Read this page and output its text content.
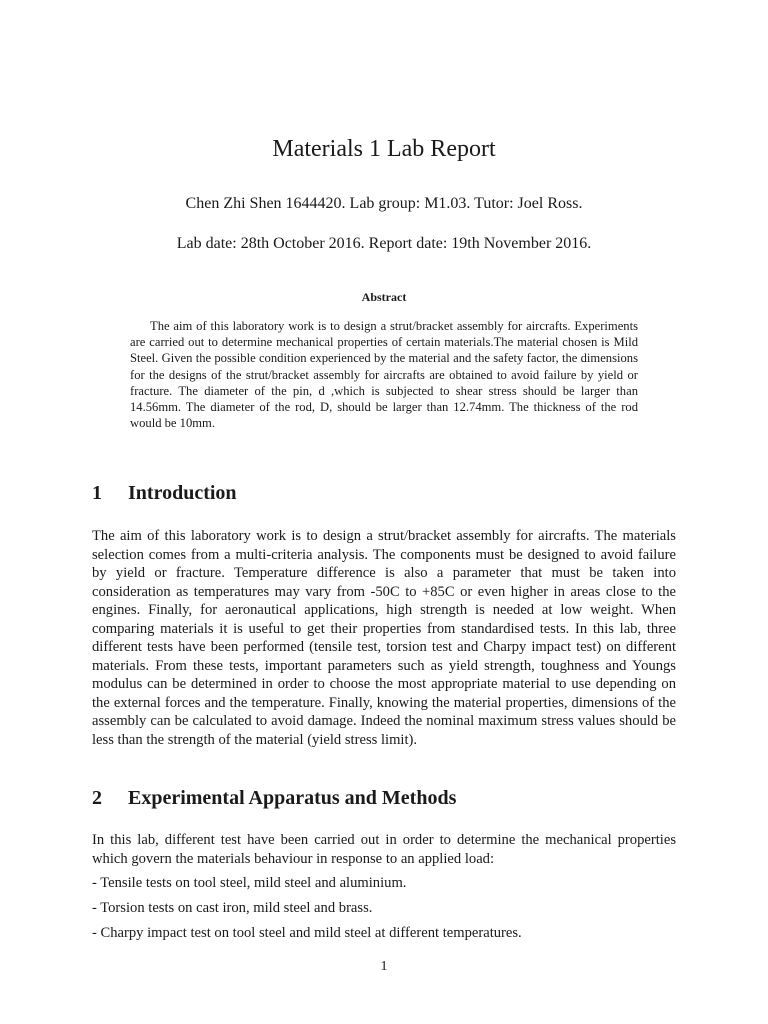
Materials 1 Lab Report
Chen Zhi Shen 1644420. Lab group: M1.03. Tutor: Joel Ross.
Lab date: 28th October 2016. Report date: 19th November 2016.
Abstract
The aim of this laboratory work is to design a strut/bracket assembly for aircrafts. Experiments are carried out to determine mechanical properties of certain materials.The material chosen is Mild Steel. Given the possible condition experienced by the material and the safety factor, the dimensions for the designs of the strut/bracket assembly for aircrafts are obtained to avoid failure by yield or fracture. The diameter of the pin, d ,which is subjected to shear stress should be larger than 14.56mm. The diameter of the rod, D, should be larger than 12.74mm. The thickness of the rod would be 10mm.
1 Introduction
The aim of this laboratory work is to design a strut/bracket assembly for aircrafts. The materials selection comes from a multi-criteria analysis. The components must be designed to avoid failure by yield or fracture. Temperature difference is also a parameter that must be taken into consideration as temperatures may vary from -50C to +85C or even higher in areas close to the engines. Finally, for aeronautical applications, high strength is needed at low weight. When comparing materials it is useful to get their properties from standardised tests. In this lab, three different tests have been performed (tensile test, torsion test and Charpy impact test) on different materials. From these tests, important parameters such as yield strength, toughness and Youngs modulus can be determined in order to choose the most appropriate material to use depending on the external forces and the temperature. Finally, knowing the material properties, dimensions of the assembly can be calculated to avoid damage. Indeed the nominal maximum stress values should be less than the strength of the material (yield stress limit).
2 Experimental Apparatus and Methods
In this lab, different test have been carried out in order to determine the mechanical properties which govern the materials behaviour in response to an applied load:
- Tensile tests on tool steel, mild steel and aluminium.
- Torsion tests on cast iron, mild steel and brass.
- Charpy impact test on tool steel and mild steel at different temperatures.
1
